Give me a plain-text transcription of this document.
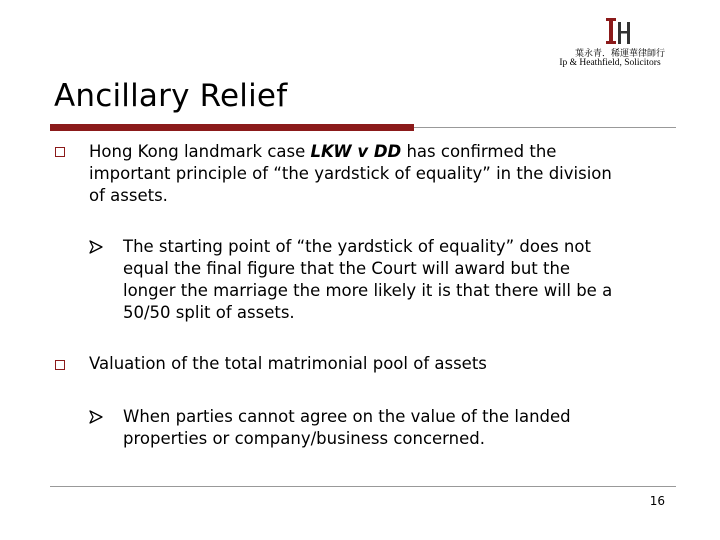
葉永青．稀運華律師行
Ip & Heathfield, Solicitors
Ancillary Relief
Hong Kong landmark case LKW v DD has confirmed the
important principle of “the yardstick of equality” in the division
of assets.
The starting point of “the yardstick of equality” does not
equal the final figure that the Court will award but the
longer the marriage the more likely it is that there will be a
50/50 split of assets.
Valuation of the total matrimonial pool of assets
When parties cannot agree on the value of the landed
properties or company/business concerned.
16
